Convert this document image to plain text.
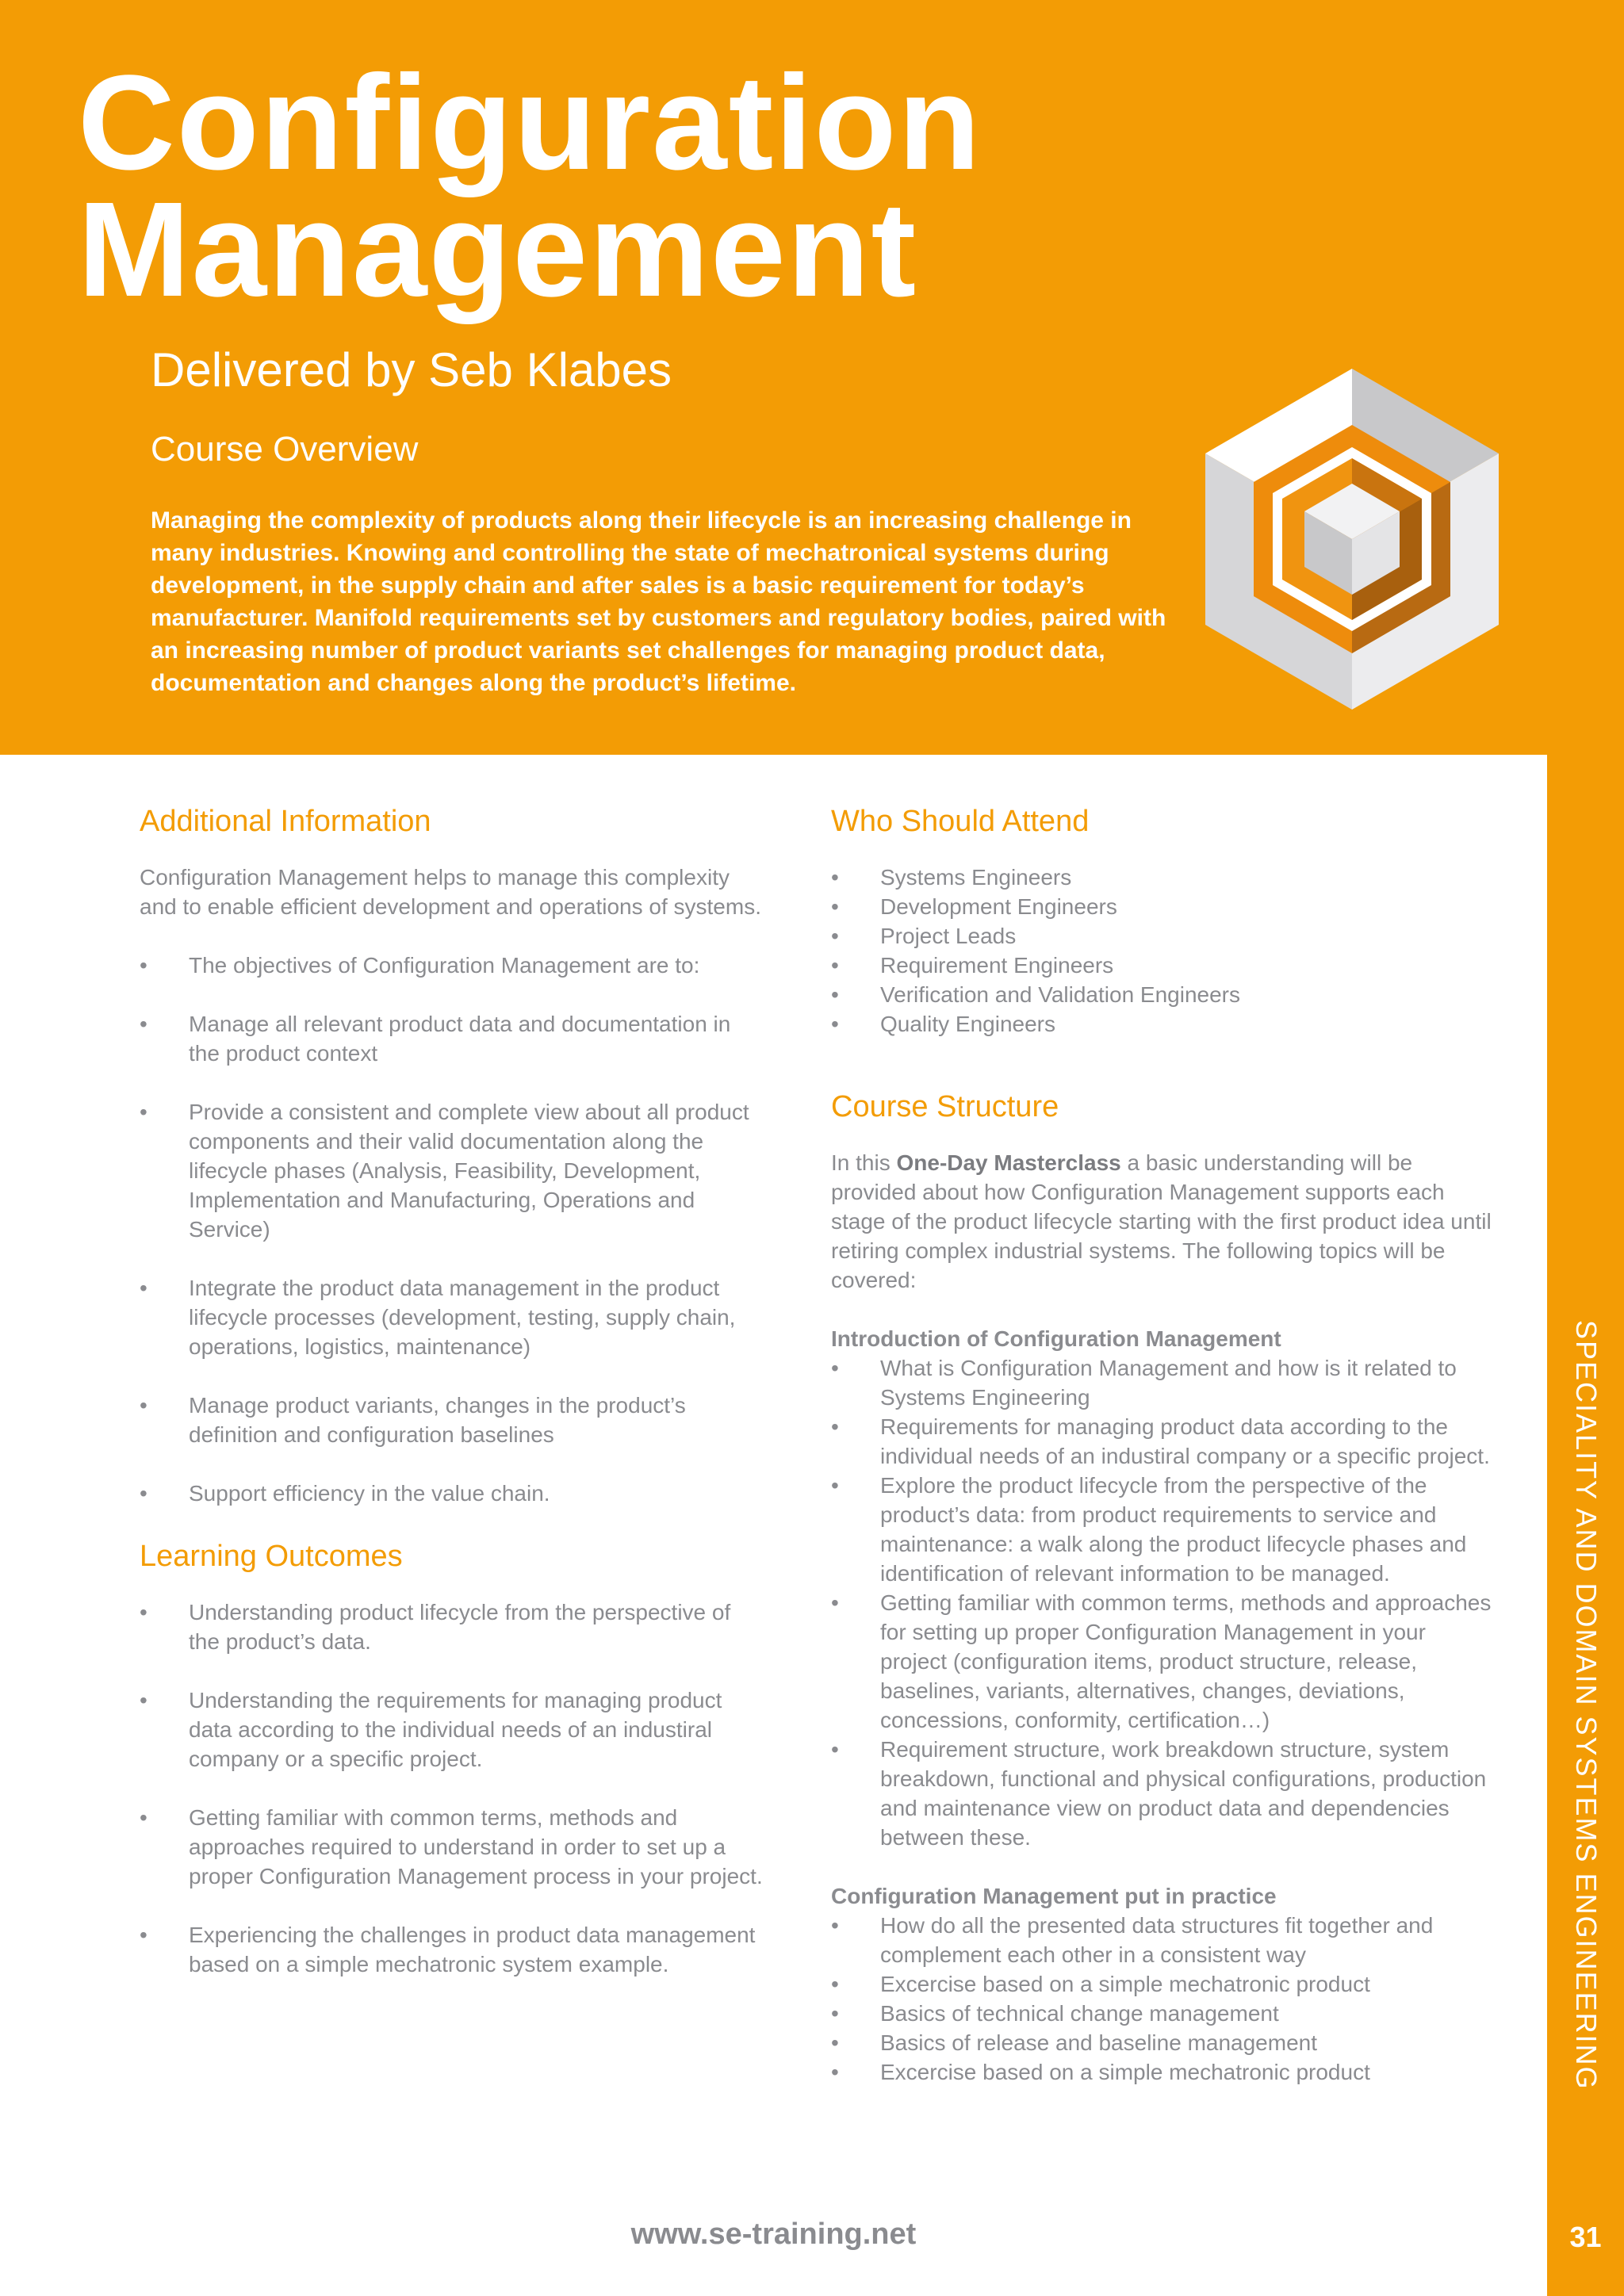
Configuration
Management
Delivered by Seb Klabes
Course Overview

Managing the complexity of products along their lifecycle is an increasing challenge in many industries. Knowing and controlling the state of mechatronical systems during development, in the supply chain and after sales is a basic requirement for today’s manufacturer. Manifold requirements set by customers and regulatory bodies, paired with an increasing number of product variants set challenges for managing product data, documentation and changes along the product’s lifetime.

Additional Information

Configuration Management helps to manage this complexity and to enable efficient development and operations of systems.

•	The objectives of Configuration Management are to:
•	Manage all relevant product data and documentation in the product context
•	Provide a consistent and complete view about all product components and their valid documentation along the lifecycle phases (Analysis, Feasibility, Development, Implementation and Manufacturing, Operations and Service)
•	Integrate the product data management in the product lifecycle processes (development, testing, supply chain, operations, logistics, maintenance)
•	Manage product variants, changes in the product’s definition and configuration baselines
•	Support efficiency in the value chain.
Learning Outcomes
•	Understanding product lifecycle from the perspective of the product’s data.
•	Understanding the requirements for managing product data according to the individual needs of an industiral company or a specific project.
•	Getting familiar with common terms, methods and approaches required to understand in order to set up a proper Configuration Management process in your project.
•	Experiencing the challenges in product data management based on a simple mechatronic system example.
Who Should Attend
•	Systems Engineers
•	Development Engineers
•	Project Leads
•	Requirement Engineers
•	Verification and Validation Engineers
•	Quality Engineers
Course Structure

In this One-Day Masterclass a basic understanding will be provided about how Configuration Management supports each stage of the product lifecycle starting with the first product idea until retiring complex industrial systems. The following topics will be covered:

Introduction of Configuration Management

•	What is Configuration Management and how is it related to Systems Engineering
•	Requirements for managing product data according to the individual needs of an industiral company or a specific project.
•	Explore the product lifecycle from the perspective of the product’s data: from product requirements to service and maintenance: a walk along the product lifecycle phases and identification of relevant information to be managed.
•	Getting familiar with common terms, methods and approaches for setting up proper Configuration Management in your project (configuration items, product structure, release, baselines, variants, alternatives, changes, deviations, concessions, conformity, certification…)
•	Requirement structure, work breakdown structure, system breakdown, functional and physical configurations, production and maintenance view on product data and dependencies between these.

Configuration Management put in practice

•	How do all the presented data structures fit together and complement each other in a consistent way
•	Excercise based on a simple mechatronic product
•	Basics of technical change management
•	Basics of release and baseline management
•	Excercise based on a simple mechatronic product	SPECIALITY AND DOMAIN SYSTEMS ENGINEERING
www.se-training.net	31
